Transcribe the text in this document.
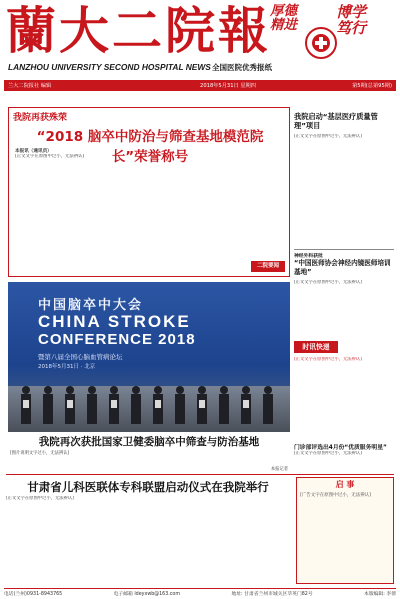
蘭大二院報
LANZHOU UNIVERSITY SECOND HOSPITAL NEWS 全国医院优秀报纸
厚德精进
博学笃行
兰大二院报社 编辑	2018年5月31日 星期四	第5期(总第95期)
我院再获殊荣
“2018 脑卒中防治与筛查基地模范院长”荣誉称号
本报讯（通讯员）
[正文文字在原图中过小，无法辨认]
二院要闻
中国脑卒中大会
CHINA STROKE
CONFERENCE 2018
暨第八届全国心脑血管病论坛
2018年5月31日 · 北京
我院再次获批国家卫健委脑卒中筛查与防治基地
[图片说明文字过小，无法辨认]
本报记者
我院启动“基层医疗质量管理”项目
[正文文字在原图中过小，无法辨认]
神经外科获批
“中国医师协会神经内镜医师培训基地”
[正文文字在原图中过小，无法辨认]
时讯快递
[正文文字在原图中过小，无法辨认]
门诊部评选出4月份“优质服务明星”
[正文文字在原图中过小，无法辨认]
甘肃省儿科医联体专科联盟启动仪式在我院举行
[正文文字在原图中过小，无法辨认]
启 事
[广告文字在原图中过小，无法辨认]
电话(兰州)0931-8943765	电子邮箱 ldeyxwb@163.com	地址: 甘肃省兰州市城关区萃英门82号	本版编辑: 李倩
